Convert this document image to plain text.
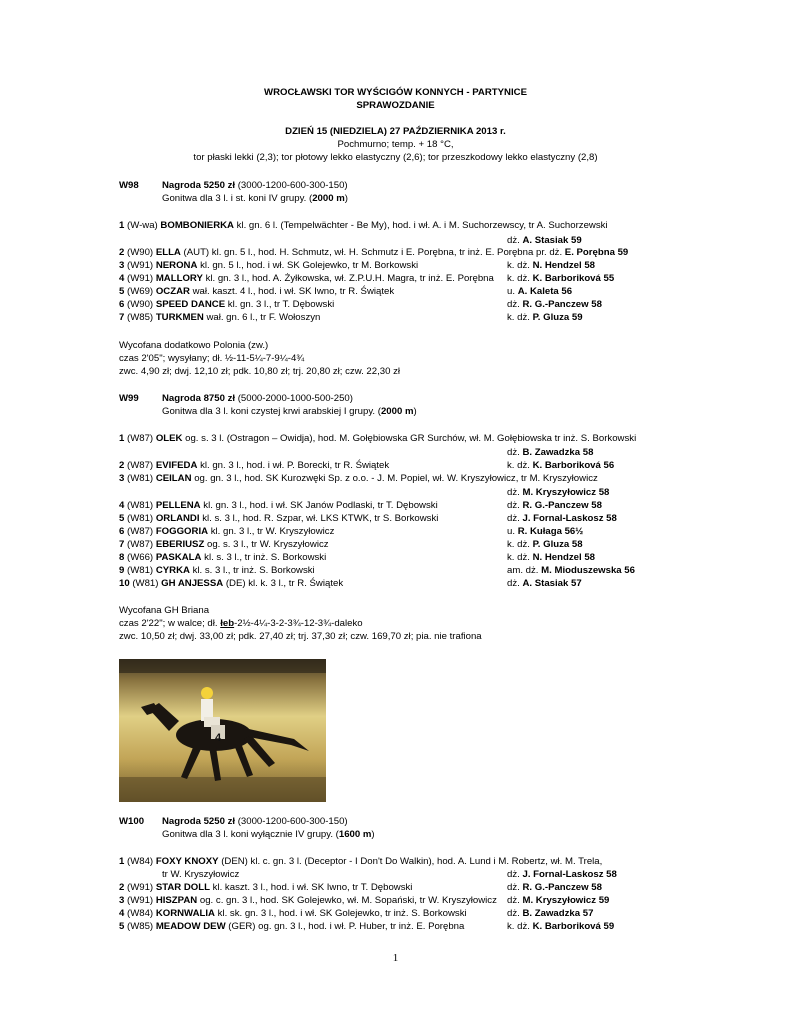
WROCŁAWSKI TOR WYŚCIGÓW KONNYCH - PARTYNICE
SPRAWOZDANIE
DZIEŃ 15 (NIEDZIELA) 27 PAŹDZIERNIKA 2013 r.
Pochmurno; temp. + 18 °C,
tor płaski lekki (2,3); tor płotowy lekko elastyczny (2,6); tor przeszkodowy lekko elastyczny (2,8)
W98 Nagroda 5250 zł (3000-1200-600-300-150)
Gonitwa dla 3 l. i st. koni IV grupy. (2000 m)
1 (W-wa) BOMBONIERKA kl. gn. 6 l. (Tempelwächter - Be My), hod. i wł. A. i M. Suchorzewscy, tr A. Suchorzewski
dż. A. Stasiak 59
2 (W90) ELLA (AUT) kl. gn. 5 l., hod. H. Schmutz, wł. H. Schmutz i E. Porębna, tr inż. E. Porębna pr. dż. E. Porębna 59
3 (W91) NERONA kl. gn. 5 l., hod. i wł. SK Golejewko, tr M. Borkowski	k. dż. N. Hendzel 58
4 (W91) MALLORY kl. gn. 3 l., hod. A. Żyłkowska, wł. Z.P.U.H. Magra, tr inż. E. Porębna k. dż. K. Barboriková 55
5 (W69) OCZAR wał. kaszt. 4 l., hod. i wł. SK Iwno, tr R. Świątek	u. A. Kaleta 56
6 (W90) SPEED DANCE kl. gn. 3 l., tr T. Dębowski	dż. R. G.-Panczew 58
7 (W85) TURKMEN wał. gn. 6 l., tr F. Wołoszyn	k. dż. P. Gluza 59
Wycofana dodatkowo Polonia (zw.)
czas 2'05"; wysyłany; dł. ½-11-5¼-7-9¼-4¾
zwc. 4,90 zł; dwj. 12,10 zł; pdk. 10,80 zł; trj. 20,80 zł; czw. 22,30 zł
W99 Nagroda 8750 zł (5000-2000-1000-500-250)
Gonitwa dla 3 l. koni czystej krwi arabskiej I grupy. (2000 m)
1 (W87) OLEK og. s. 3 l. (Ostragon – Owidja), hod. M. Gołębiowska GR Surchów, wł. M. Gołębiowska tr inż. S. Borkowski
dż. B. Zawadzka 58
2 (W87) EVIFEDA kl. gn. 3 l., hod. i wł. P. Borecki, tr R. Świątek	k. dż. K. Barboriková 56
3 (W81) CEILAN og. gn. 3 l., hod. SK Kurozwęki Sp. z o.o. - J. M. Popiel, wł. W. Kryszyłowicz, tr M. Kryszyłowicz
dż. M. Kryszyłowicz 58
4 (W81) PELLENA kl. gn. 3 l., hod. i wł. SK Janów Podlaski, tr T. Dębowski	dż. R. G.-Panczew 58
5 (W81) ORLANDI kl. s. 3 l., hod. R. Szpar, wł. LKS KTWK, tr S. Borkowski	dż. J. Fornal-Laskosz 58
6 (W87) FOGGORIA kl. gn. 3 l., tr W. Kryszyłowicz	u. R. Kułaga 56½
7 (W87) EBERIUSZ og. s. 3 l., tr W. Kryszyłowicz	k. dż. P. Gluza 58
8 (W66) PASKALA kl. s. 3 l., tr inż. S. Borkowski	k. dż. N. Hendzel 58
9 (W81) CYRKA kl. s. 3 l., tr inż. S. Borkowski	am. dż. M. Mioduszewska 56
10 (W81) GH ANJESSA (DE) kl. k. 3 l., tr R. Świątek	dż. A. Stasiak 57
Wycofana GH Briana
czas 2'22"; w walce; dł. łeb-2½-4¼-3-2-3¾-12-3¾-daleko
zwc. 10,50 zł; dwj. 33,00 zł; pdk. 27,40 zł; trj. 37,30 zł; czw. 169,70 zł; pia. nie trafiona
4
W100 Nagroda 5250 zł (3000-1200-600-300-150)
Gonitwa dla 3 l. koni wyłącznie IV grupy. (1600 m)
1 (W84) FOXY KNOXY (DEN) kl. c. gn. 3 l. (Deceptor - I Don't Do Walkin), hod. A. Lund i M. Robertz, wł. M. Trela,
tr W. Kryszyłowicz	dż. J. Fornal-Laskosz 58
2 (W91) STAR DOLL kl. kaszt. 3 l., hod. i wł. SK Iwno, tr T. Dębowski	dż. R. G.-Panczew 58
3 (W91) HISZPAN og. c. gn. 3 l., hod. SK Golejewko, wł. M. Sopański, tr W. Kryszyłowicz dż. M. Kryszyłowicz 59
4 (W84) KORNWALIA kl. sk. gn. 3 l., hod. i wł. SK Golejewko, tr inż. S. Borkowski	dż. B. Zawadzka 57
5 (W85) MEADOW DEW (GER) og. gn. 3 l., hod. i wł. P. Huber, tr inż. E. Porębna	k. dż. K. Barboriková 59
1
